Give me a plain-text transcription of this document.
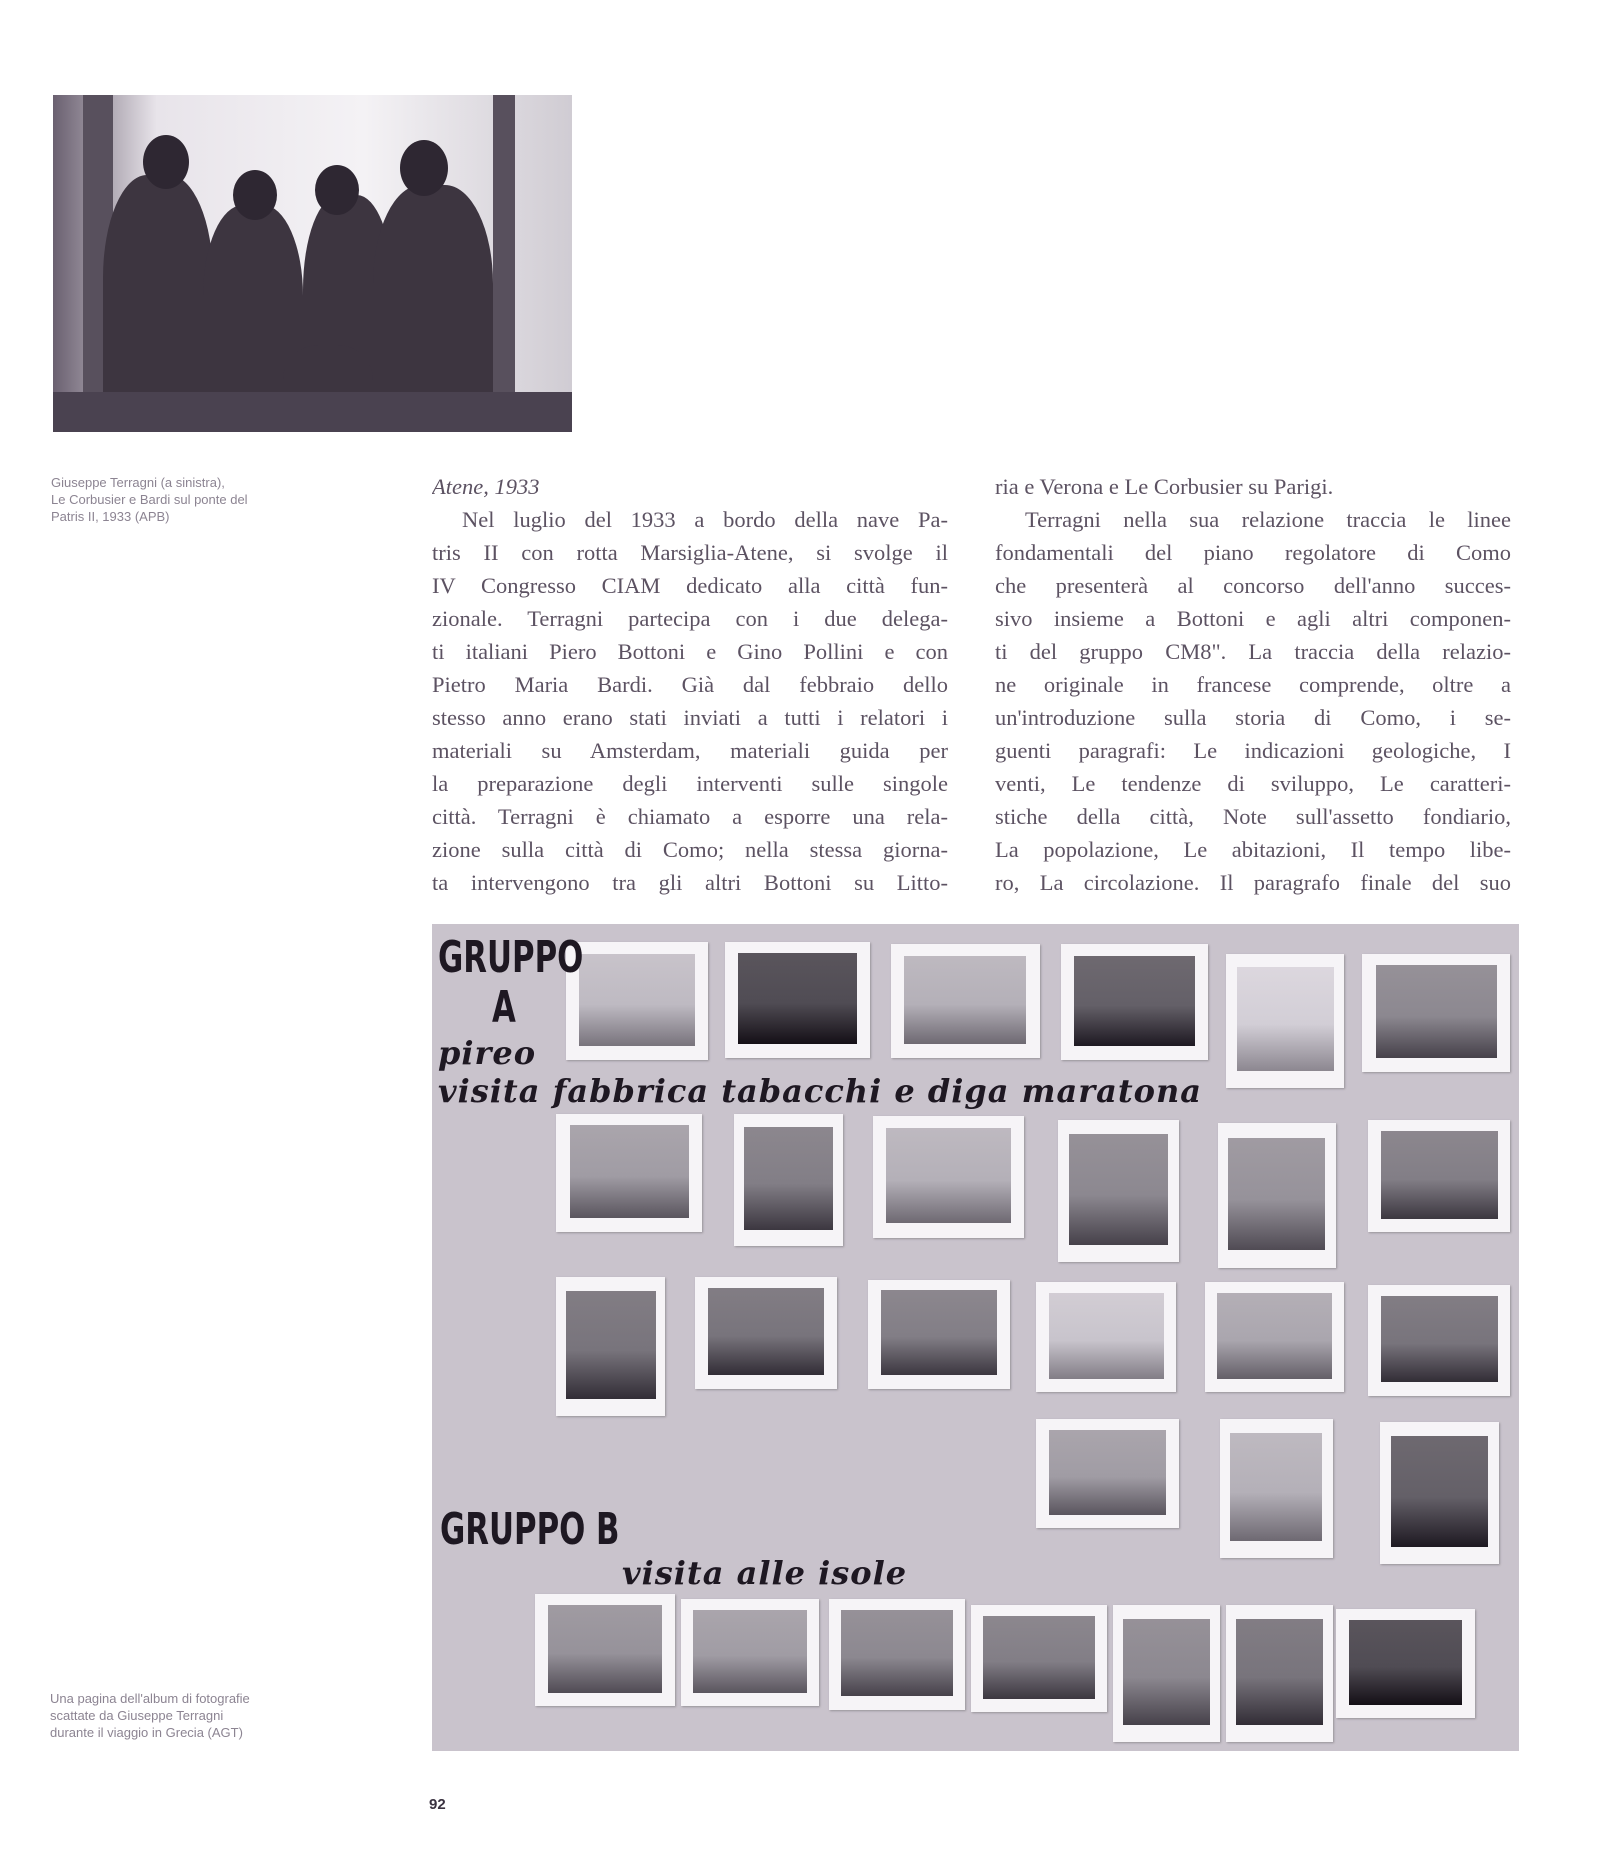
Giuseppe Terragni (a sinistra),
Le Corbusier e Bardi sul ponte del
Patris II, 1933 (APB)
Atene, 1933
Nel luglio del 1933 a bordo della nave Pa-
tris II con rotta Marsiglia-Atene, si svolge il
IV Congresso CIAM dedicato alla città fun-
zionale. Terragni partecipa con i due delega-
ti italiani Piero Bottoni e Gino Pollini e con
Pietro Maria Bardi. Già dal febbraio dello
stesso anno erano stati inviati a tutti i relatori i
materiali su Amsterdam, materiali guida per
la preparazione degli interventi sulle singole
città. Terragni è chiamato a esporre una rela-
zione sulla città di Como; nella stessa giorna-
ta intervengono tra gli altri Bottoni su Litto-
ria e Verona e Le Corbusier su Parigi.
Terragni nella sua relazione traccia le linee
fondamentali del piano regolatore di Como
che presenterà al concorso dell'anno succes-
sivo insieme a Bottoni e agli altri componen-
ti del gruppo CM8". La traccia della relazio-
ne originale in francese comprende, oltre a
un'introduzione sulla storia di Como, i se-
guenti paragrafi: Le indicazioni geologiche, I
venti, Le tendenze di sviluppo, Le caratteri-
stiche della città, Note sull'assetto fondiario,
La popolazione, Le abitazioni, Il tempo libe-
ro, La circolazione. Il paragrafo finale del suo
GRUPPO
A
pireo
visita fabbrica tabacchi e diga maratona
GRUPPO B
visita alle isole
Una pagina dell'album di fotografie
scattate da Giuseppe Terragni
durante il viaggio in Grecia (AGT)
92
